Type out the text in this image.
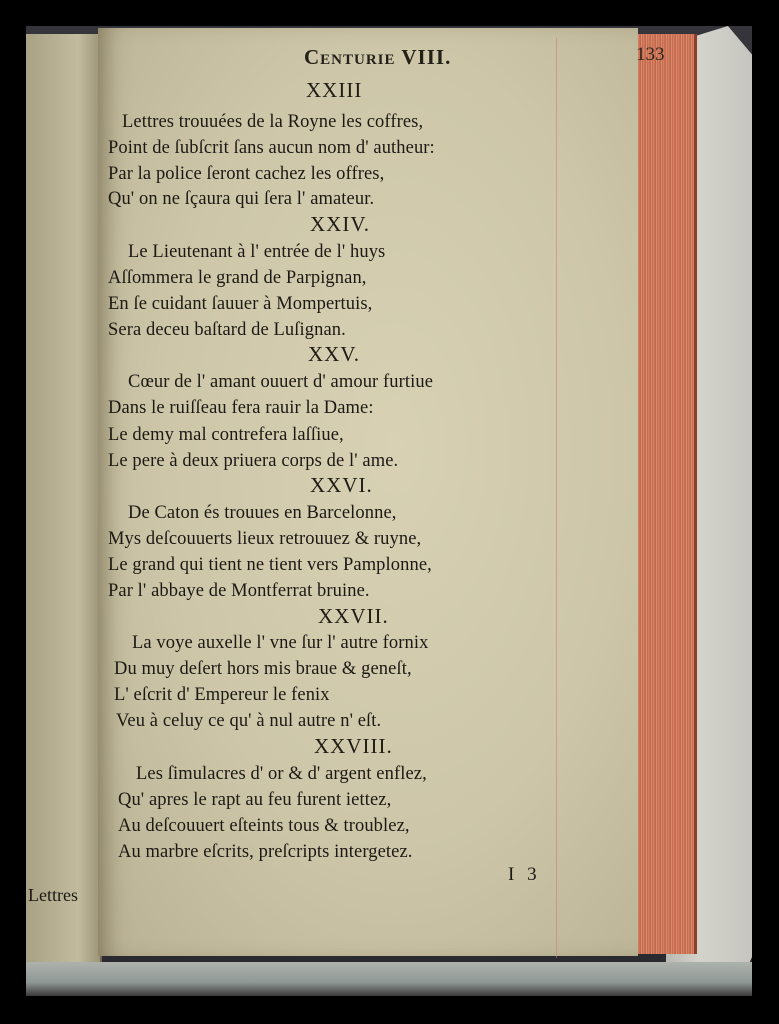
Lettres
Centurie VIII.	133
XXIII
Lettres trouuées de la Royne les coffres,
Point de ſubſcrit ſans aucun nom d' autheur:
Par la police ſeront cachez les offres,
Qu' on ne ſçaura qui ſera l' amateur.
XXIV.
Le Lieutenant à l' entrée de l' huys
Aſſommera le grand de Parpignan,
En ſe cuidant ſauuer à Mompertuis,
Sera deceu baſtard de Luſignan.
XXV.
Cœur de l' amant ouuert d' amour furtiue
Dans le ruiſſeau fera rauir la Dame:
Le demy mal contrefera laſſiue,
Le pere à deux priuera corps de l' ame.
XXVI.
De Caton és trouues en Barcelonne,
Mys deſcouuerts lieux retrouuez & ruyne,
Le grand qui tient ne tient vers Pamplonne,
Par l' abbaye de Montferrat bruine.
XXVII.
La voye auxelle l' vne ſur l' autre fornix
Du muy deſert hors mis braue & geneſt,
L' eſcrit d' Empereur le fenix
Veu à celuy ce qu' à nul autre n' eſt.
XXVIII.
Les ſimulacres d' or & d' argent enflez,
Qu' apres le rapt au feu furent iettez,
Au deſcouuert eſteints tous & troublez,
Au marbre eſcrits, preſcripts intergetez.
I 3
